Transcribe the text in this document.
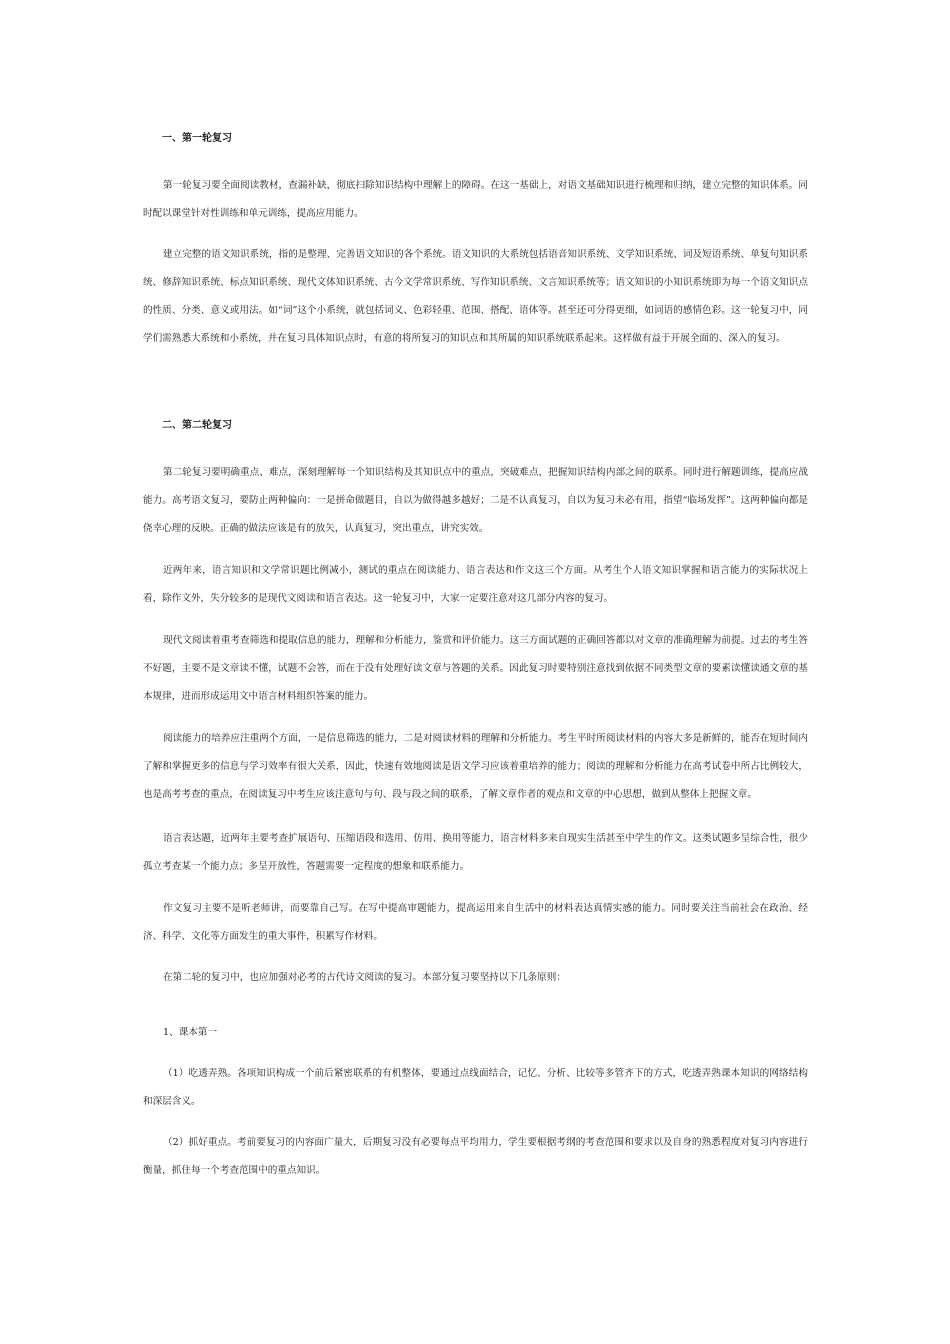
一、第一轮复习

第一轮复习要全面阅读教材，查漏补缺，彻底扫除知识结构中理解上的障碍。在这一基础上，对语文基础知识进行梳理和归纳，建立完整的知识体系。同时配以课堂针对性训练和单元训练，提高应用能力。

建立完整的语文知识系统，指的是整理、完善语文知识的各个系统。语文知识的大系统包括语音知识系统、文学知识系统、词及短语系统、单复句知识系统、修辞知识系统、标点知识系统、现代文体知识系统、古今文学常识系统、写作知识系统、文言知识系统等；语文知识的小知识系统即为每一个语文知识点的性质、分类、意义或用法。如“词”这个小系统，就包括词义、色彩轻重、范围、搭配、语体等。甚至还可分得更细，如词语的感情色彩。这一轮复习中，同学们需熟悉大系统和小系统，并在复习具体知识点时，有意的将所复习的知识点和其所属的知识系统联系起来。这样做有益于开展全面的、深入的复习。

二、第二轮复习

第二轮复习要明确重点、难点，深刻理解每一个知识结构及其知识点中的重点，突破难点，把握知识结构内部之间的联系。同时进行解题训练，提高应战能力。高考语文复习，要防止两种偏向：一是拼命做题目，自以为做得越多越好；二是不认真复习，自以为复习未必有用，指望“临场发挥”。这两种偏向都是侥幸心理的反映。正确的做法应该是有的放矢，认真复习，突出重点，讲究实效。

近两年来，语言知识和文学常识题比例减小，测试的重点在阅读能力、语言表达和作文这三个方面。从考生个人语文知识掌握和语言能力的实际状况上看，除作文外，失分较多的是现代文阅读和语言表达。这一轮复习中，大家一定要注意对这几部分内容的复习。

现代文阅读着重考查筛选和提取信息的能力，理解和分析能力，鉴赏和评价能力。这三方面试题的正确回答都以对文章的准确理解为前提。过去的考生答不好题，主要不是文章读不懂，试题不会答，而在于没有处理好读文章与答题的关系。因此复习时要特别注意找到依据不同类型文章的要素读懂读通文章的基本规律，进而形成运用文中语言材料组织答案的能力。

阅读能力的培养应注重两个方面，一是信息筛选的能力，二是对阅读材料的理解和分析能力。考生平时所阅读材料的内容大多是新鲜的，能否在短时间内了解和掌握更多的信息与学习效率有很大关系，因此，快速有效地阅读是语文学习应该着重培养的能力；阅读的理解和分析能力在高考试卷中所占比例较大，也是高考考查的重点，在阅读复习中考生应该注意句与句、段与段之间的联系，了解文章作者的观点和文章的中心思想，做到从整体上把握文章。

语言表达题，近两年主要考查扩展语句、压缩语段和选用、仿用、换用等能力，语言材料多来自现实生活甚至中学生的作文。这类试题多呈综合性，很少孤立考查某一个能力点；多呈开放性，答题需要一定程度的想象和联系能力。

作文复习主要不是听老师讲，而要靠自己写。在写中提高审题能力，提高运用来自生活中的材料表达真情实感的能力。同时要关注当前社会在政治、经济、科学、文化等方面发生的重大事件，积累写作材料。

在第二轮的复习中，也应加强对必考的古代诗文阅读的复习。本部分复习要坚持以下几条原则：

1、课本第一

（1）吃透弄熟。各项知识构成一个前后紧密联系的有机整体，要通过点线面结合，记忆、分析、比较等多管齐下的方式，吃透弄熟课本知识的网络结构和深层含义。

（2）抓好重点。考前要复习的内容面广量大，后期复习没有必要每点平均用力，学生要根据考纲的考查范围和要求以及自身的熟悉程度对复习内容进行衡量，抓住每一个考查范围中的重点知识。
